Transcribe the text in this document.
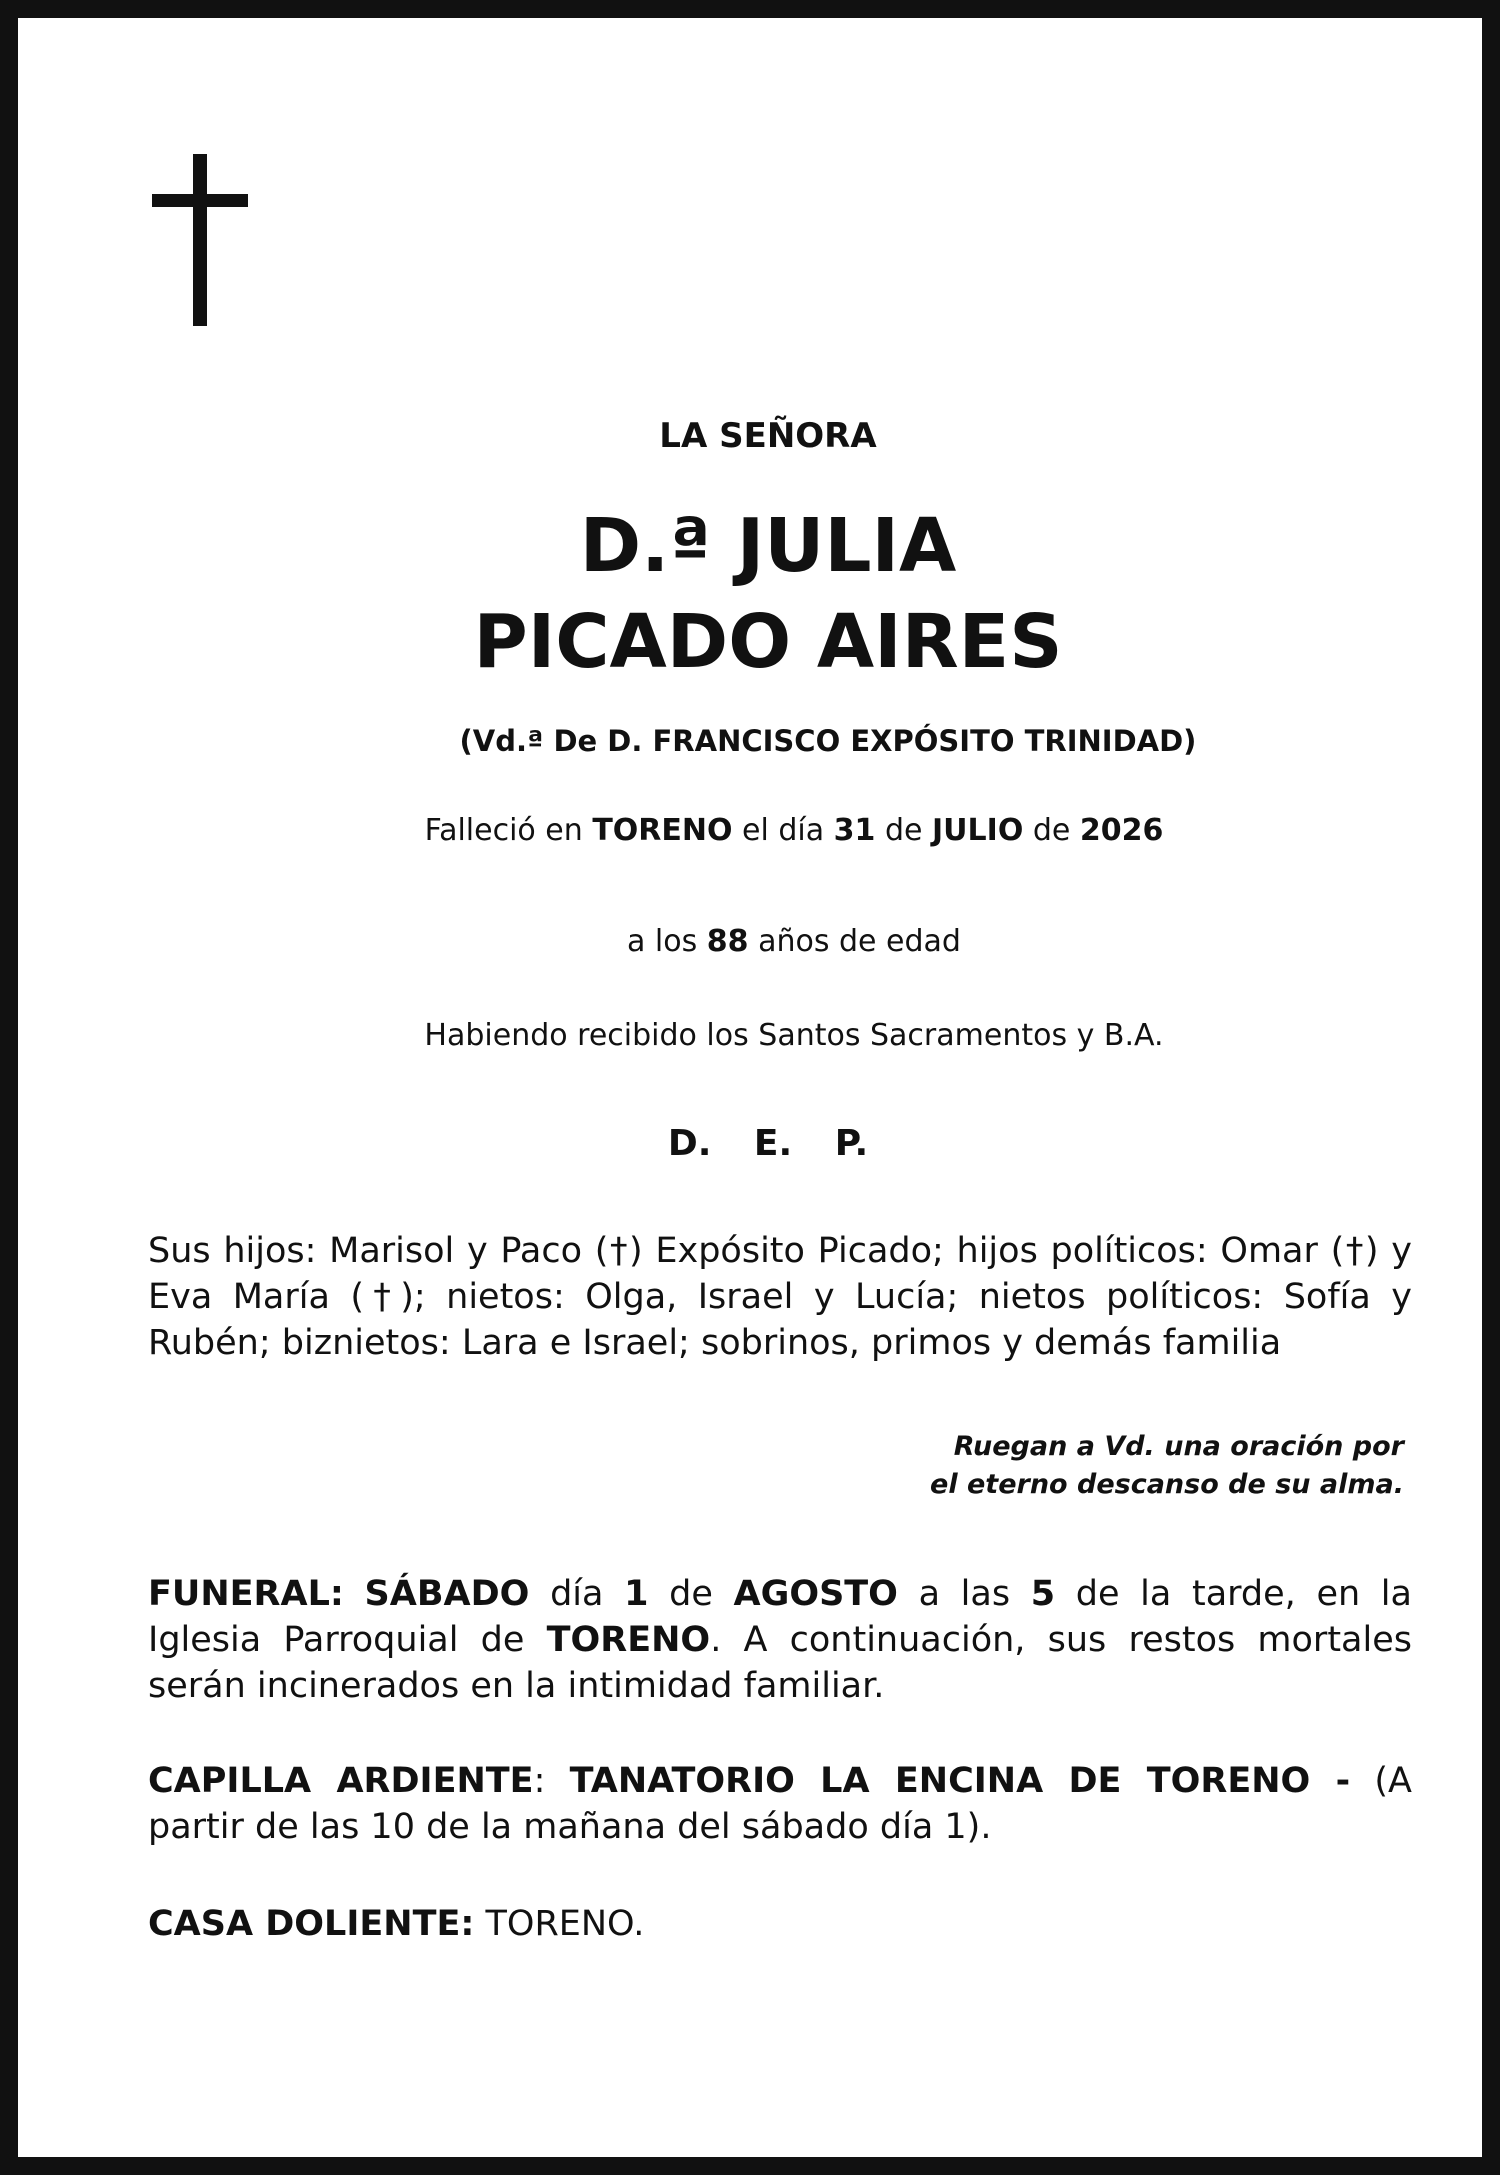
LA SEÑORA
D.ª JULIA
PICADO AIRES
(Vd.ª De D. FRANCISCO EXPÓSITO TRINIDAD)
Falleció en TORENO el día 31 de JULIO de 2026
a los 88 años de edad
Habiendo recibido los Santos Sacramentos y B.A.
D. E. P.
Sus hijos: Marisol y Paco (†) Expósito Picado; hijos políticos: Omar (†) y Eva María (†); nietos: Olga, Israel y Lucía; nietos políticos: Sofía y Rubén; biznietos: Lara e Israel; sobrinos, primos y demás familia
Ruegan a Vd. una oración por
el eterno descanso de su alma.
FUNERAL: SÁBADO día 1 de AGOSTO a las 5 de la tarde, en la Iglesia Parroquial de TORENO. A continuación, sus restos mortales serán incinerados en la intimidad familiar.
CAPILLA ARDIENTE: TANATORIO LA ENCINA DE TORENO - (A partir de las 10 de la mañana del sábado día 1).
CASA DOLIENTE: TORENO.
